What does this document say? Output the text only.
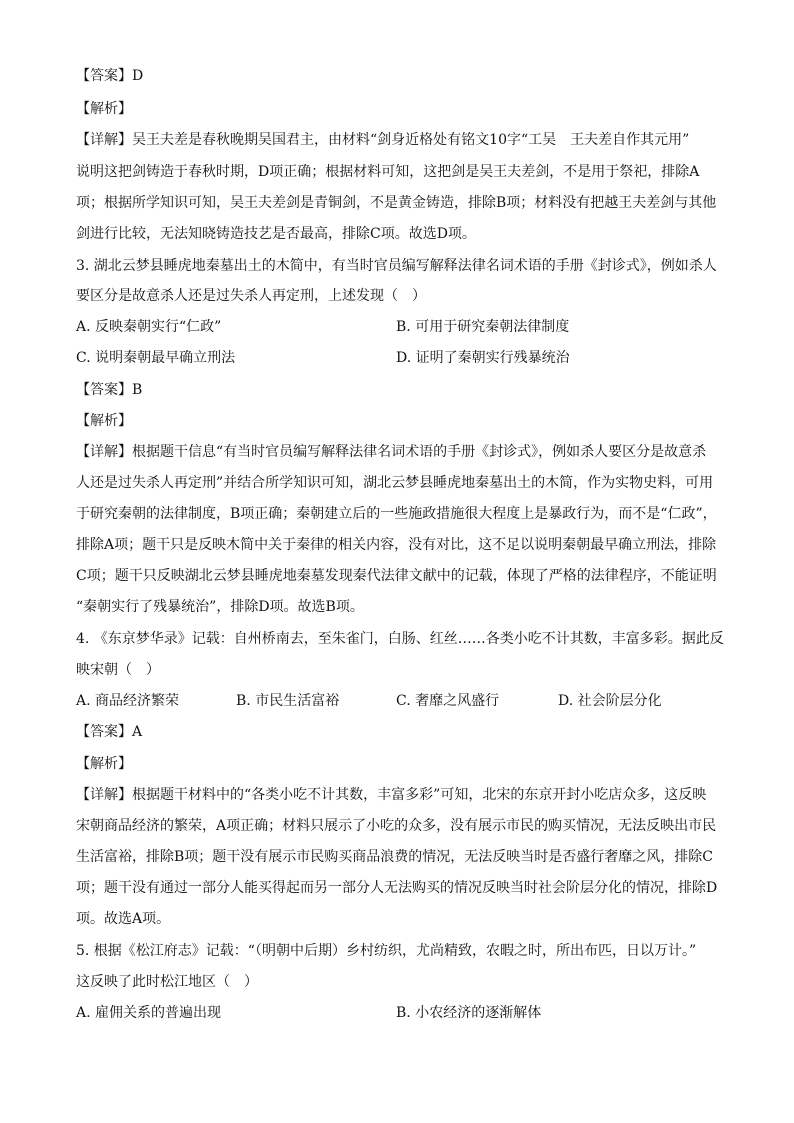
【答案】D
【解析】
【详解】吴王夫差是春秋晚期吴国君主，由材料“剑身近格处有铭文10字“工吴　王夫差自作其元用”
说明这把剑铸造于春秋时期，D项正确；根据材料可知，这把剑是吴王夫差剑，不是用于祭祀，排除A
项；根据所学知识可知，吴王夫差剑是青铜剑，不是黄金铸造，排除B项；材料没有把越王夫差剑与其他
剑进行比较，无法知晓铸造技艺是否最高，排除C项。故选D项。
3. 湖北云梦县睡虎地秦墓出土的木简中，有当时官员编写解释法律名词术语的手册《封诊式》，例如杀人
要区分是故意杀人还是过失杀人再定刑，上述发现（　）
A. 反映秦朝实行“仁政”	B. 可用于研究秦朝法律制度
C. 说明秦朝最早确立刑法	D. 证明了秦朝实行残暴统治
【答案】B
【解析】
【详解】根据题干信息“有当时官员编写解释法律名词术语的手册《封诊式》，例如杀人要区分是故意杀
人还是过失杀人再定刑”并结合所学知识可知，湖北云梦县睡虎地秦墓出土的木简，作为实物史料，可用
于研究秦朝的法律制度，B项正确；秦朝建立后的一些施政措施很大程度上是暴政行为，而不是“仁政”，
排除A项；题干只是反映木简中关于秦律的相关内容，没有对比，这不足以说明秦朝最早确立刑法，排除
C项；题干只反映湖北云梦县睡虎地秦墓发现秦代法律文献中的记载，体现了严格的法律程序，不能证明
“秦朝实行了残暴统治”，排除D项。故选B项。
4. 《东京梦华录》记载：自州桥南去，至朱雀门，白肠、红丝……各类小吃不计其数，丰富多彩。据此反
映宋朝（　）
A. 商品经济繁荣	B. 市民生活富裕	C. 奢靡之风盛行	D. 社会阶层分化
【答案】A
【解析】
【详解】根据题干材料中的“各类小吃不计其数，丰富多彩”可知，北宋的东京开封小吃店众多，这反映
宋朝商品经济的繁荣，A项正确；材料只展示了小吃的众多，没有展示市民的购买情况，无法反映出市民
生活富裕，排除B项；题干没有展示市民购买商品浪费的情况，无法反映当时是否盛行奢靡之风，排除C
项；题干没有通过一部分人能买得起而另一部分人无法购买的情况反映当时社会阶层分化的情况，排除D
项。故选A项。
5. 根据《松江府志》记载：“（明朝中后期）乡村纺织，尤尚精致，农暇之时，所出布匹，日以万计。”
这反映了此时松江地区（　）
A. 雇佣关系的普遍出现	B. 小农经济的逐渐解体
